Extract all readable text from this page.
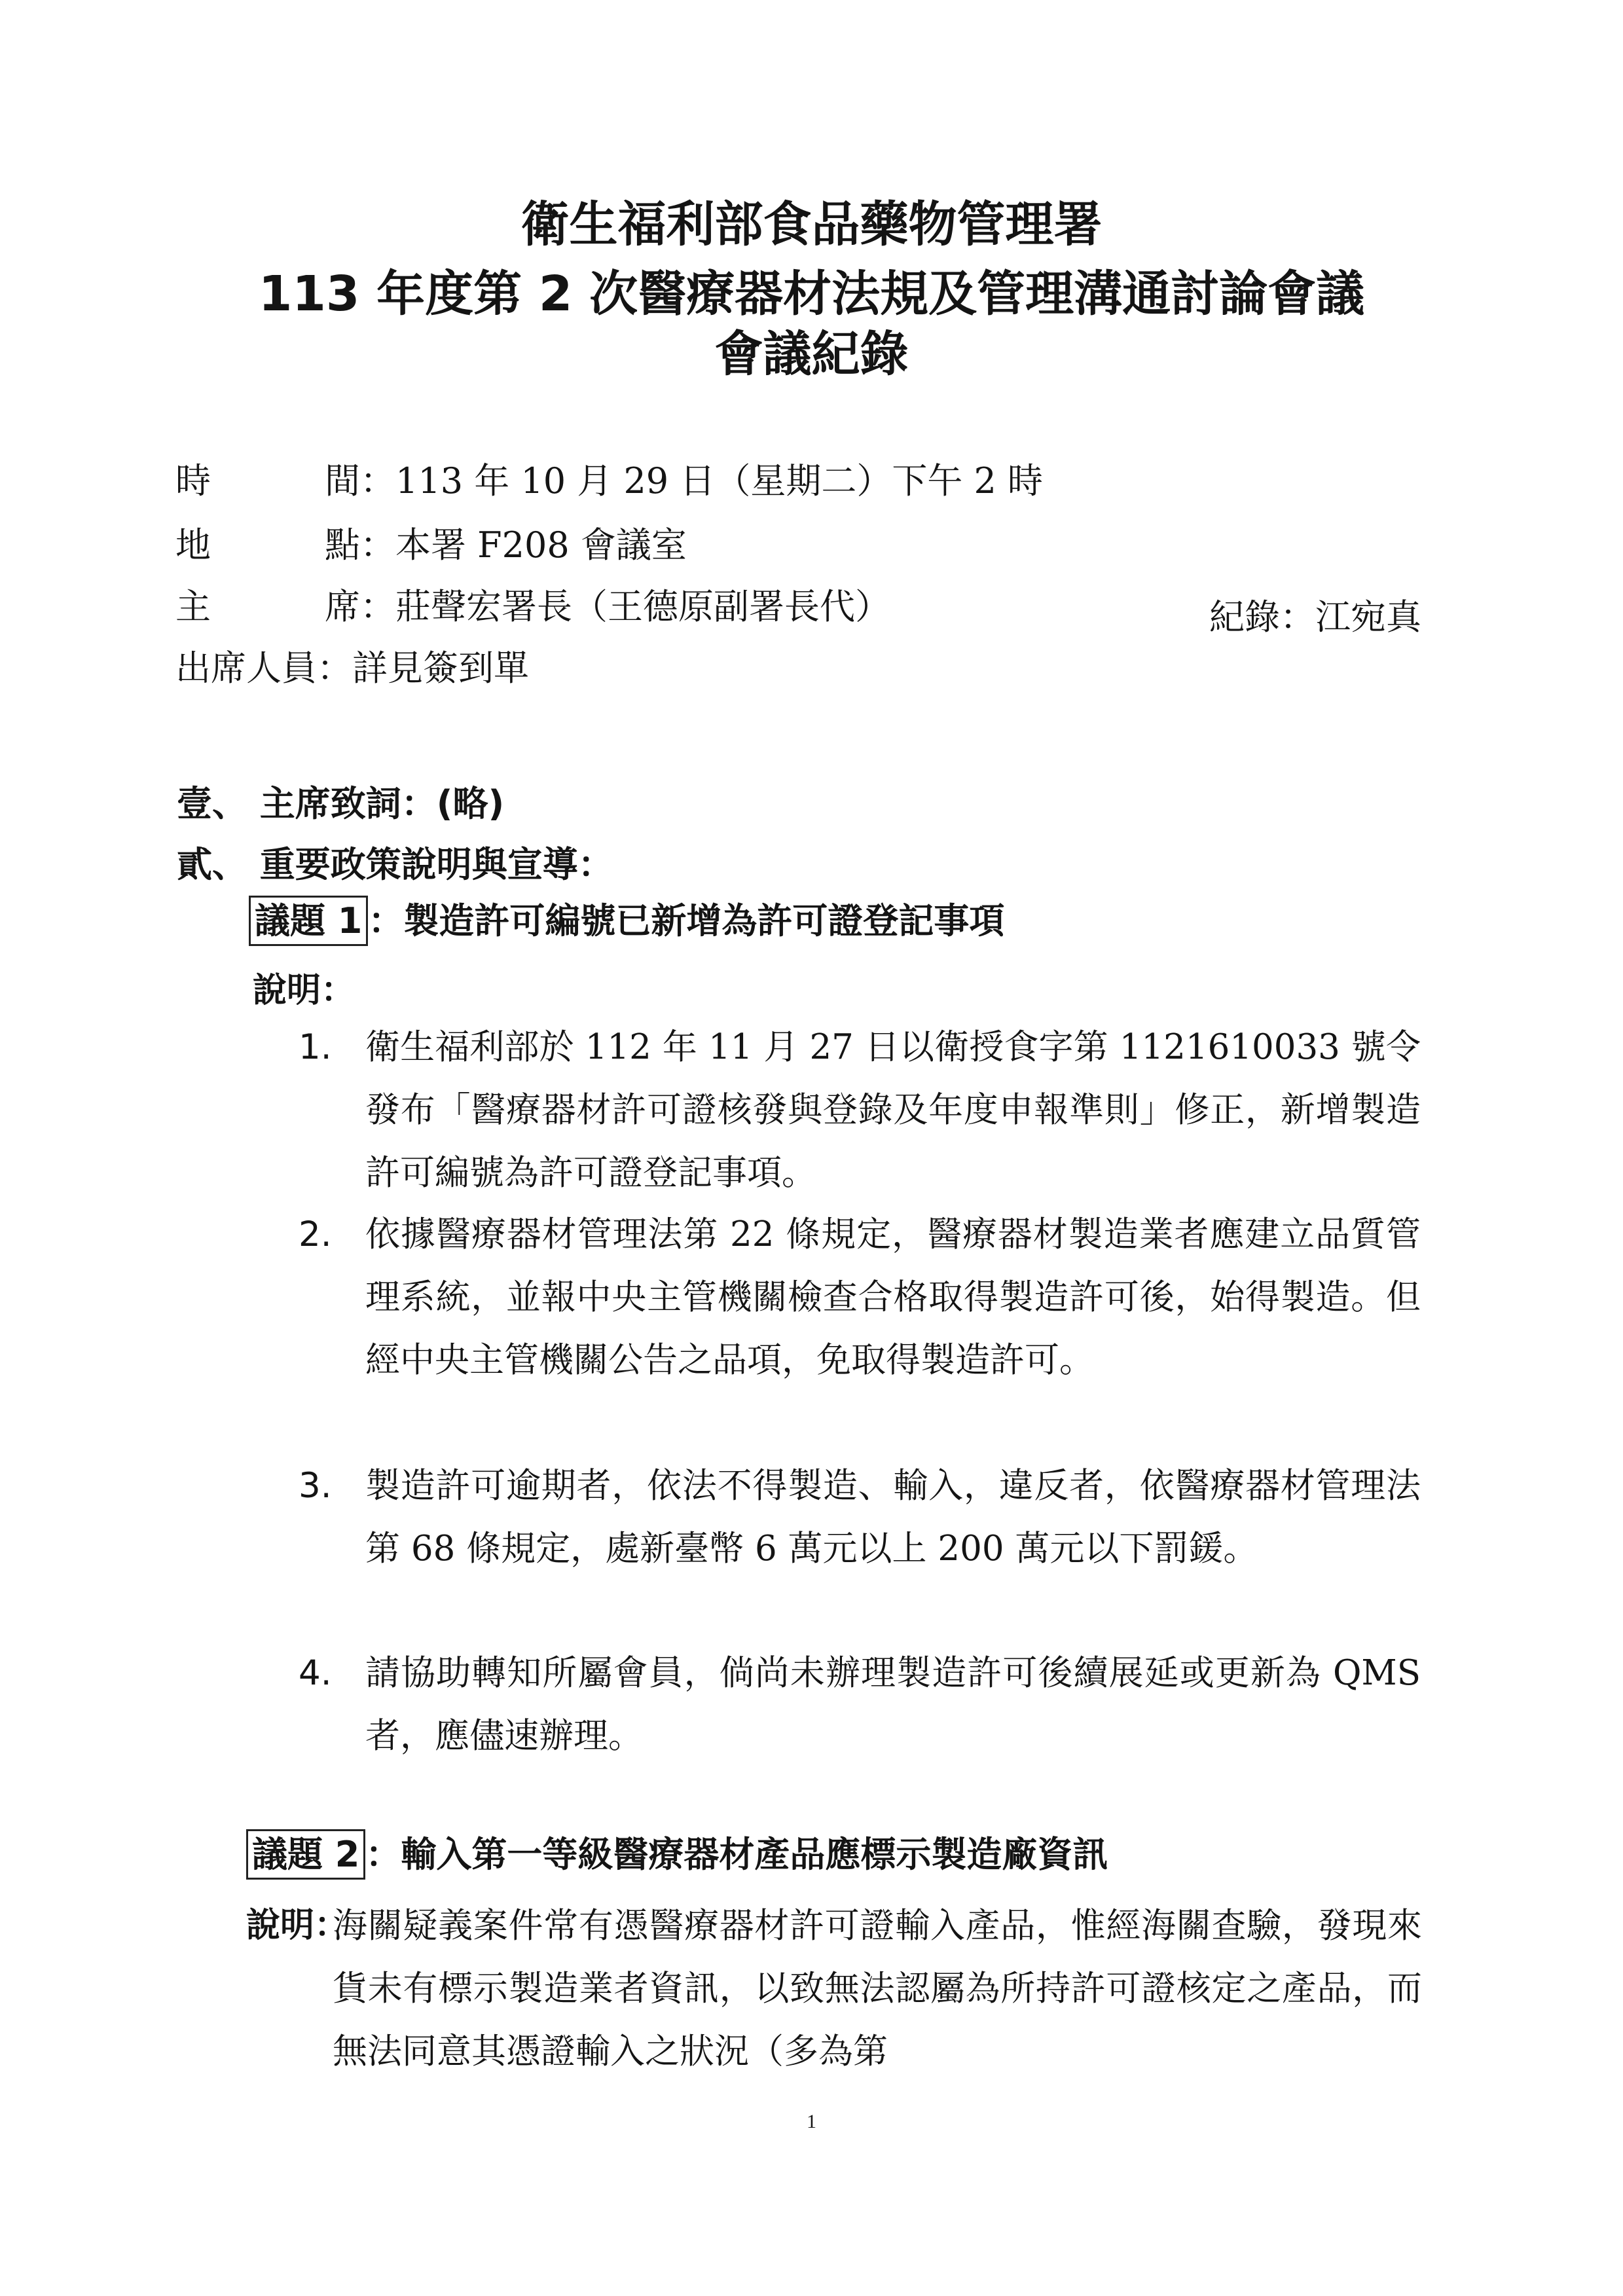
衛生福利部食品藥物管理署
113 年度第 2 次醫療器材法規及管理溝通討論會議
會議紀錄
時	間：113 年 10 月 29 日（星期二）下午 2 時
地	點：本署 F208 會議室
主	席：莊聲宏署長（王德原副署長代）	紀錄：江宛真
出席人員：詳見簽到單
壹、 主席致詞：(略)
貳、 重要政策說明與宣導：
議題 1 ：製造許可編號已新增為許可證登記事項
說明：
1. 衛生福利部於 112 年 11 月 27 日以衛授食字第 1121610033 號令發布「醫療器材許可證核發與登錄及年度申報準則」修正，新增製造許可編號為許可證登記事項。
2. 依據醫療器材管理法第 22 條規定，醫療器材製造業者應建立品質管理系統，並報中央主管機關檢查合格取得製造許可後，始得製造。但經中央主管機關公告之品項，免取得製造許可。
3. 製造許可逾期者，依法不得製造、輸入，違反者，依醫療器材管理法第 68 條規定，處新臺幣 6 萬元以上 200 萬元以下罰鍰。
4. 請協助轉知所屬會員，倘尚未辦理製造許可後續展延或更新為 QMS 者，應儘速辦理。
議題 2 ：輸入第一等級醫療器材產品應標示製造廠資訊
說明：
海關疑義案件常有憑醫療器材許可證輸入產品，惟經海關查驗，發現來貨未有標示製造業者資訊，以致無法認屬為所持許可證核定之產品，而無法同意其憑證輸入之狀況（多為第
1
